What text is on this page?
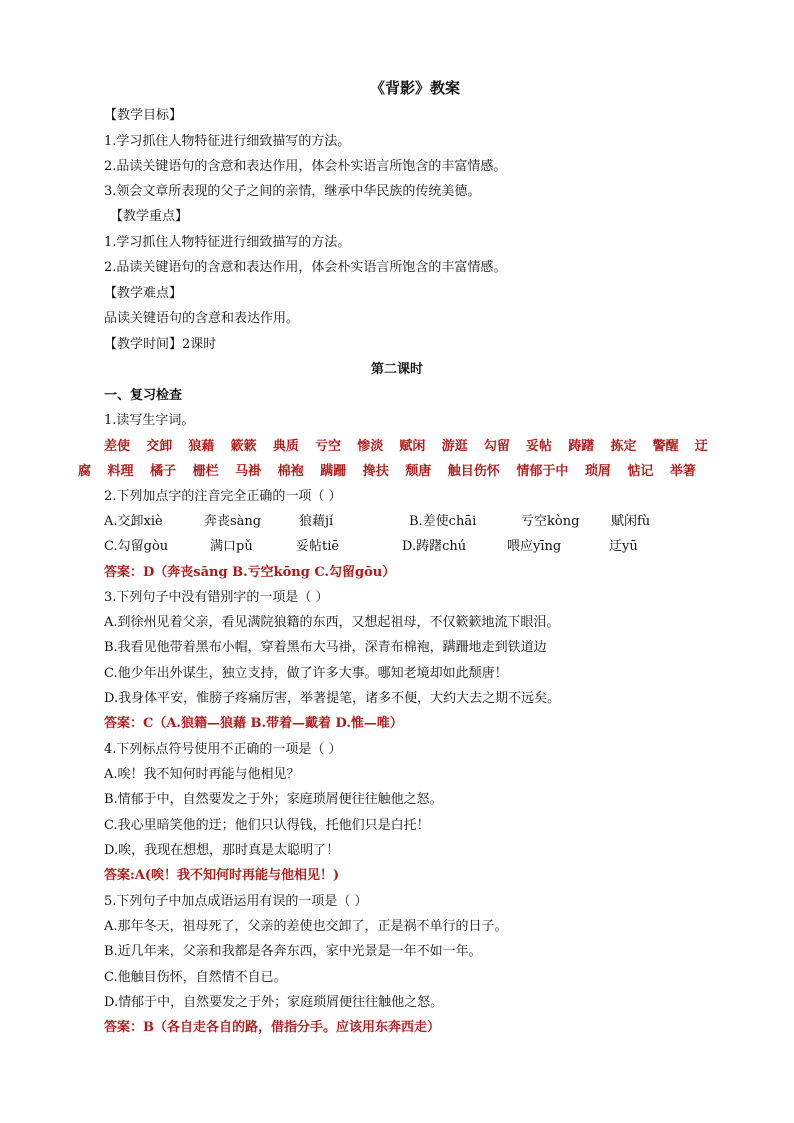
《背影》教案
【教学目标】
1.学习抓住人物特征进行细致描写的方法。
2.品读关键语句的含意和表达作用，体会朴实语言所饱含的丰富情感。
3.领会文章所表现的父子之间的亲情，继承中华民族的传统美德。
【教学重点】
1.学习抓住人物特征进行细致描写的方法。
2.品读关键语句的含意和表达作用，体会朴实语言所饱含的丰富情感。
【教学难点】
品读关键语句的含意和表达作用。
【教学时间】2课时
第二课时
一、复习检查
1.读写生字词。
差使 交卸 狼藉 簌簌 典质 亏空 惨淡 赋闲 游逛 勾留 妥帖 踌躇 拣定 警醒 迂
腐 料理 橘子 栅栏 马褂 棉袍 蹒跚 搀扶 颓唐 触目伤怀 情郁于中 琐屑 惦记 举箸
2.下列加点字的注音完全正确的一项（ ）
A.交卸xiè	奔丧sàng	狼藉jí	B.差使chāi	亏空kòng	赋闲fù
C.勾留gòu	满口pǔ	妥帖tiē	D.踌躇chú	喂应yīng	迂yū
答案：D（奔丧sāng B.亏空kōng C.勾留gōu）
3.下列句子中没有错别字的一项是（ ）
A.到徐州见着父亲，看见满院狼籍的东西，又想起祖母，不仅簌簌地流下眼泪。
B.我看见他带着黑布小帽，穿着黑布大马褂，深青布棉袍，蹒跚地走到铁道边
C.他少年出外谋生，独立支持，做了许多大事。哪知老境却如此颓唐！
D.我身体平安，惟膀子疼痛厉害，举著提笔，诸多不便，大约大去之期不远矣。
答案：C（A.狼籍—狼藉 B.带着—戴着 D.惟—唯）
4.下列标点符号使用不正确的一项是（ ）
A.唉！我不知何时再能与他相见？
B.情郁于中，自然要发之于外；家庭琐屑便往往触他之怒。
C.我心里暗笑他的迂；他们只认得钱，托他们只是白托！
D.唉，我现在想想，那时真是太聪明了！
答案:A(唉！我不知何时再能与他相见！)
5.下列句子中加点成语运用有误的一项是（ ）
A.那年冬天，祖母死了，父亲的差使也交卸了，正是祸不单行的日子。
B.近几年来，父亲和我都是各奔东西，家中光景是一年不如一年。
C.他触目伤怀，自然情不自已。
D.情郁于中，自然要发之于外；家庭琐屑便往往触他之怒。
答案：B（各自走各自的路，借指分手。应该用东奔西走）
